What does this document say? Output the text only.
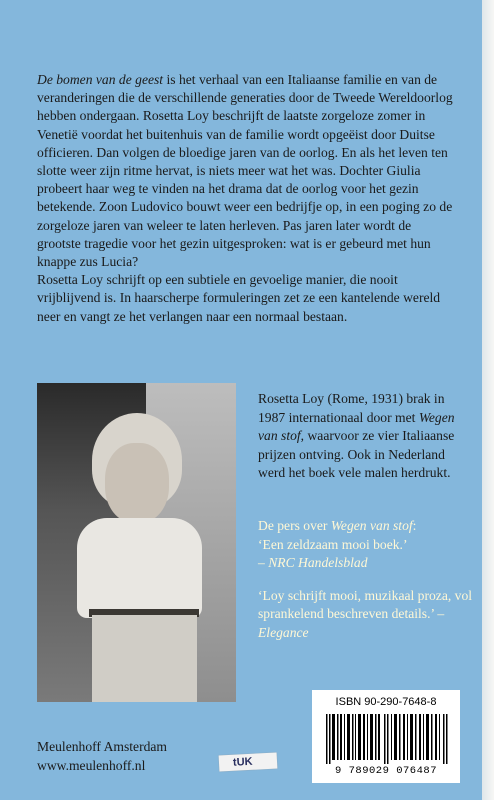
De bomen van de geest is het verhaal van een Italiaanse familie en van de veranderingen die de verschillende generaties door de Tweede Wereldoorlog hebben ondergaan. Rosetta Loy beschrijft de laatste zorgeloze zomer in Venetië voordat het buitenhuis van de familie wordt opgeëist door Duitse officieren. Dan volgen de bloedige jaren van de oorlog. En als het leven ten slotte weer zijn ritme hervat, is niets meer wat het was. Dochter Giulia probeert haar weg te vinden na het drama dat de oorlog voor het gezin betekende. Zoon Ludovico bouwt weer een bedrijfje op, in een poging zo de zorgeloze jaren van weleer te laten herleven. Pas jaren later wordt de grootste tragedie voor het gezin uitgesproken: wat is er gebeurd met hun knappe zus Lucia?

Rosetta Loy schrijft op een subtiele en gevoelige manier, die nooit vrijblijvend is. In haarscherpe formuleringen zet ze een kantelende wereld neer en vangt ze het verlangen naar een normaal bestaan.

Rosetta Loy (Rome, 1931) brak in 1987 internationaal door met Wegen van stof, waarvoor ze vier Italiaanse prijzen ontving. Ook in Nederland werd het boek vele malen herdrukt.

De pers over Wegen van stof:

‘Een zeldzaam mooi boek.’

– NRC Handelsblad

‘Loy schrijft mooi, muzikaal proza, vol sprankelend beschreven details.’ – Elegance

Meulenhoff Amsterdam
www.meulenhoff.nl	tUK
ISBN 90-290-7648-8
9 789029 076487
